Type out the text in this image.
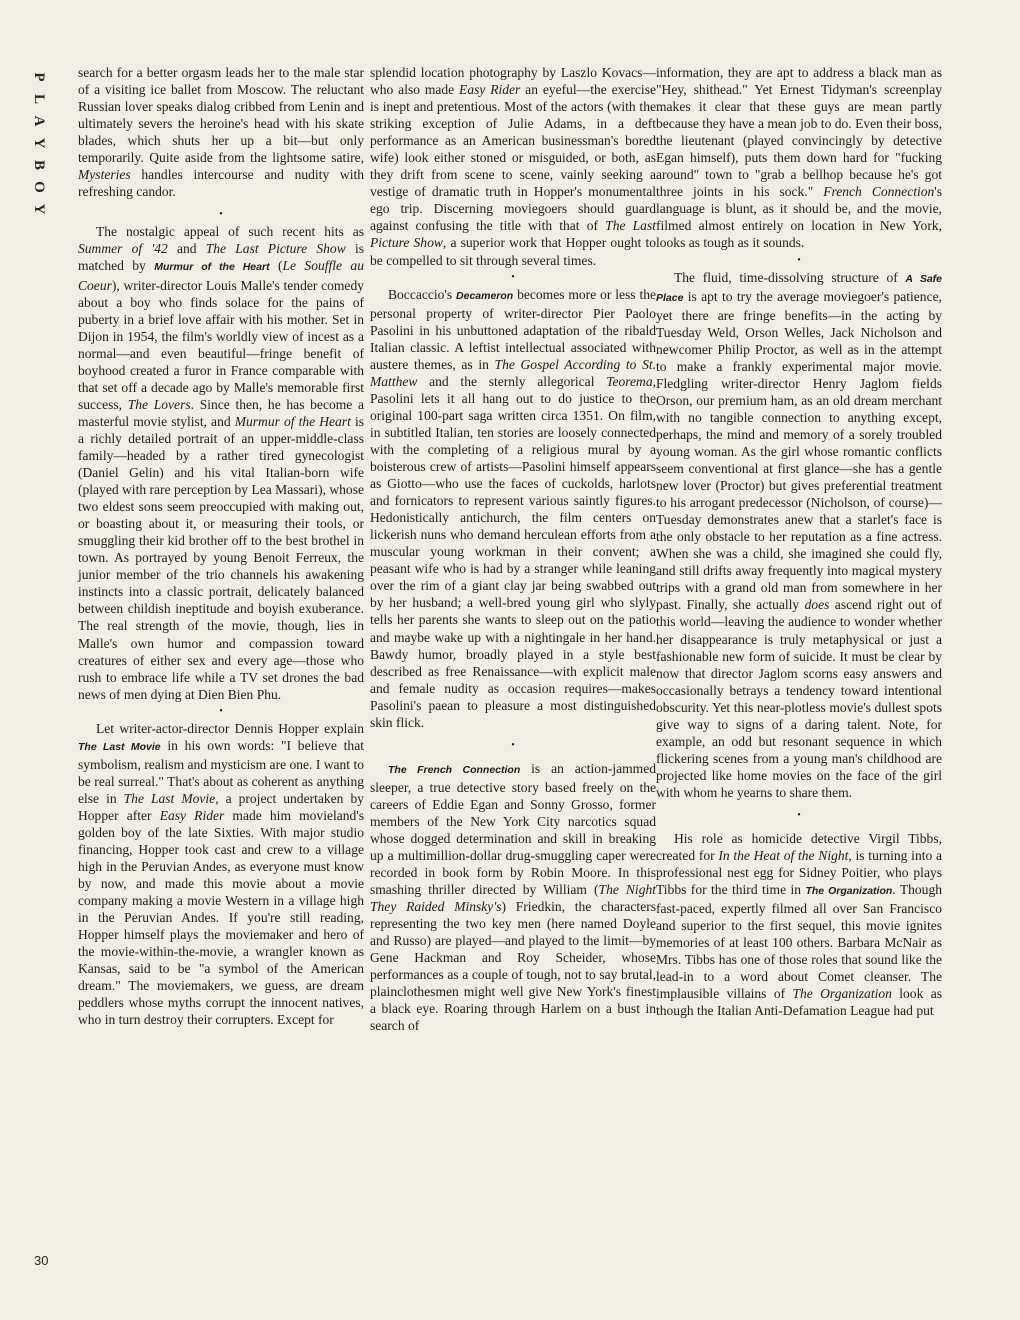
P
L
A
Y
B
O
Y
30

search for a better orgasm leads her to the male star of a visiting ice ballet from Moscow. The reluctant Russian lover speaks dialog cribbed from Lenin and ultimately severs the heroine's head with his skate blades, which shuts her up a bit—but only temporarily. Quite aside from the lightsome satire, Mysteries handles intercourse and nudity with refreshing candor.

•

The nostalgic appeal of such recent hits as Summer of '42 and The Last Picture Show is matched by Murmur of the Heart (Le Souffle au Coeur), writer-director Louis Malle's tender comedy about a boy who finds solace for the pains of puberty in a brief love affair with his mother. Set in Dijon in 1954, the film's worldly view of incest as a normal—and even beautiful—fringe benefit of boyhood created a furor in France comparable with that set off a decade ago by Malle's memorable first success, The Lovers. Since then, he has become a masterful movie stylist, and Murmur of the Heart is a richly detailed portrait of an upper-middle-class family—headed by a rather tired gynecologist (Daniel Gelin) and his vital Italian-born wife (played with rare perception by Lea Massari), whose two eldest sons seem preoccupied with making out, or boasting about it, or measuring their tools, or smuggling their kid brother off to the best brothel in town. As portrayed by young Benoit Ferreux, the junior member of the trio channels his awakening instincts into a classic portrait, delicately balanced between childish ineptitude and boyish exuberance. The real strength of the movie, though, lies in Malle's own humor and compassion toward creatures of either sex and every age—those who rush to embrace life while a TV set drones the bad news of men dying at Dien Bien Phu.

•

Let writer-actor-director Dennis Hopper explain The Last Movie in his own words: "I believe that symbolism, realism and mysticism are one. I want to be real surreal." That's about as coherent as anything else in The Last Movie, a project undertaken by Hopper after Easy Rider made him movieland's golden boy of the late Sixties. With major studio financing, Hopper took cast and crew to a village high in the Peruvian Andes, as everyone must know by now, and made this movie about a movie company making a movie Western in a village high in the Peruvian Andes. If you're still reading, Hopper himself plays the moviemaker and hero of the movie-within-the-movie, a wrangler known as Kansas, said to be "a symbol of the American dream." The moviemakers, we guess, are dream peddlers whose myths corrupt the innocent natives, who in turn destroy their corrupters. Except for

splendid location photography by Laszlo Kovacs—who also made Easy Rider an eyeful—the exercise is inept and pretentious. Most of the actors (with the striking exception of Julie Adams, in a deft performance as an American businessman's bored wife) look either stoned or misguided, or both, as they drift from scene to scene, vainly seeking a vestige of dramatic truth in Hopper's monumental ego trip. Discerning moviegoers should guard against confusing the title with that of The Last Picture Show, a superior work that Hopper ought to be compelled to sit through several times.

•

Boccaccio's Decameron becomes more or less the personal property of writer-director Pier Paolo Pasolini in his unbuttoned adaptation of the ribald Italian classic. A leftist intellectual associated with austere themes, as in The Gospel According to St. Matthew and the sternly allegorical Teorema, Pasolini lets it all hang out to do justice to the original 100-part saga written circa 1351. On film, in subtitled Italian, ten stories are loosely connected with the completing of a religious mural by a boisterous crew of artists—Pasolini himself appears as Giotto—who use the faces of cuckolds, harlots and fornicators to represent various saintly figures. Hedonistically antichurch, the film centers on lickerish nuns who demand herculean efforts from a muscular young workman in their convent; a peasant wife who is had by a stranger while leaning over the rim of a giant clay jar being swabbed out by her husband; a well-bred young girl who slyly tells her parents she wants to sleep out on the patio and maybe wake up with a nightingale in her hand. Bawdy humor, broadly played in a style best described as free Renaissance—with explicit male and female nudity as occasion requires—makes Pasolini's paean to pleasure a most distinguished skin flick.

•

The French Connection is an action-jammed sleeper, a true detective story based freely on the careers of Eddie Egan and Sonny Grosso, former members of the New York City narcotics squad whose dogged determination and skill in breaking up a multimillion-dollar drug-smuggling caper were recorded in book form by Robin Moore. In this smashing thriller directed by William (The Night They Raided Minsky's) Friedkin, the characters representing the two key men (here named Doyle and Russo) are played—and played to the limit—by Gene Hackman and Roy Scheider, whose performances as a couple of tough, not to say brutal, plainclothesmen might well give New York's finest a black eye. Roaring through Harlem on a bust in search of

information, they are apt to address a black man as "Hey, shithead." Yet Ernest Tidyman's screenplay makes it clear that these guys are mean partly because they have a mean job to do. Even their boss, the lieutenant (played convincingly by detective Egan himself), puts them down hard for "fucking around" town to "grab a bellhop because he's got three joints in his sock." French Connection's language is blunt, as it should be, and the movie, filmed almost entirely on location in New York, looks as tough as it sounds.

•

The fluid, time-dissolving structure of A Safe Place is apt to try the average moviegoer's patience, yet there are fringe benefits—in the acting by Tuesday Weld, Orson Welles, Jack Nicholson and newcomer Philip Proctor, as well as in the attempt to make a frankly experimental major movie. Fledgling writer-director Henry Jaglom fields Orson, our premium ham, as an old dream merchant with no tangible connection to anything except, perhaps, the mind and memory of a sorely troubled young woman. As the girl whose romantic conflicts seem conventional at first glance—she has a gentle new lover (Proctor) but gives preferential treatment to his arrogant predecessor (Nicholson, of course)—Tuesday demonstrates anew that a starlet's face is the only obstacle to her reputation as a fine actress. When she was a child, she imagined she could fly, and still drifts away frequently into magical mystery trips with a grand old man from somewhere in her past. Finally, she actually does ascend right out of this world—leaving the audience to wonder whether her disappearance is truly metaphysical or just a fashionable new form of suicide. It must be clear by now that director Jaglom scorns easy answers and occasionally betrays a tendency toward intentional obscurity. Yet this near-plotless movie's dullest spots give way to signs of a daring talent. Note, for example, an odd but resonant sequence in which flickering scenes from a young man's childhood are projected like home movies on the face of the girl with whom he yearns to share them.

•

His role as homicide detective Virgil Tibbs, created for In the Heat of the Night, is turning into a professional nest egg for Sidney Poitier, who plays Tibbs for the third time in The Organization. Though fast-paced, expertly filmed all over San Francisco and superior to the first sequel, this movie ignites memories of at least 100 others. Barbara McNair as Mrs. Tibbs has one of those roles that sound like the lead-in to a word about Comet cleanser. The implausible villains of The Organization look as though the Italian Anti-Defamation League had put
